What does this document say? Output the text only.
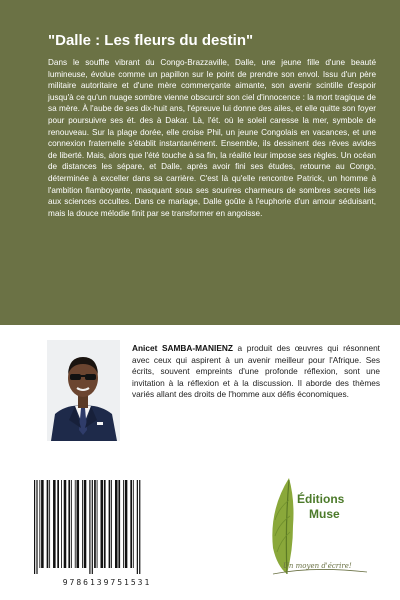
"Dalle : Les fleurs du destin"

Dans le souffle vibrant du Congo-Brazzaville, Dalle, une jeune fille d'une beauté lumineuse, évolue comme un papillon sur le point de prendre son envol. Issu d'un père militaire autoritaire et d'une mère commerçante aimante, son avenir scintille d'espoir jusqu'à ce qu'un nuage sombre vienne obscurcir son ciel d'innocence : la mort tragique de sa mère. À l'aube de ses dix-huit ans, l'épreuve lui donne des ailes, et elle quitte son foyer pour poursuivre ses ét. des à Dakar. Là, l'ét. où le soleil caresse la mer, symbole de renouveau. Sur la plage dorée, elle croise Phil, un jeune Congolais en vacances, et une connexion fraternelle s'établit instantanément. Ensemble, ils dessinent des rêves avides de liberté. Mais, alors que l'été touche à sa fin, la réalité leur impose ses règles. Un océan de distances les sépare, et Dalle, après avoir fini ses études, retourne au Congo, déterminée à exceller dans sa carrière. C'est là qu'elle rencontre Patrick, un homme à l'ambition flamboyante, masquant sous ses sourires charmeurs de sombres secrets liés aux sciences occultes. Dans ce mariage, Dalle goûte à l'euphorie d'un amour séduisant, mais la douce mélodie finit par se transformer en angoisse.

Anicet SAMBA-MANIENZ a produit des œuvres qui résonnent avec ceux qui aspirent à un avenir meilleur pour l'Afrique. Ses écrits, souvent empreints d'une profonde réflexion, sont une invitation à la réflexion et à la discussion. Il aborde des thèmes variés allant des droits de l'homme aux défis économiques.

9786139751531
Éditions
Muse
Un moyen d'écrire!
